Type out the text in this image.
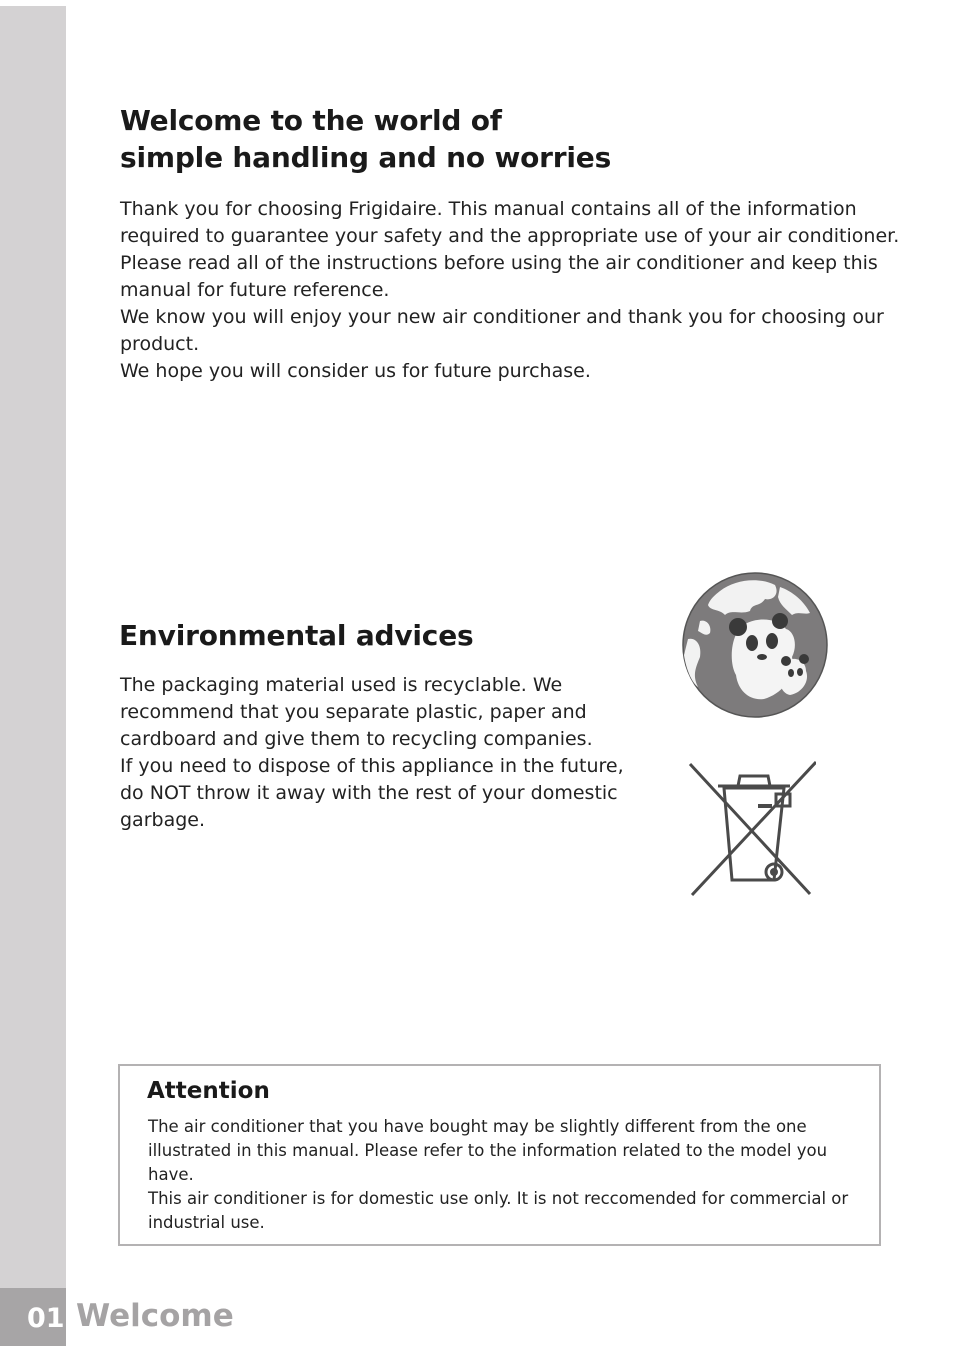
Welcome to the world of
simple handling and no worries

Thank you for choosing Frigidaire. This manual contains all of the information required to guarantee your safety and the appropriate use of your air conditioner.

Please read all of the instructions before using the air conditioner and keep this manual for future reference.

We know you will enjoy your new air conditioner and thank you for choosing our product.

We hope you will consider us for future purchase.

Environmental advices

The packaging material used is recyclable. We recommend that you separate plastic, paper and cardboard and give them to recycling companies.

If you need to dispose of this appliance in the future, do NOT throw it away with the rest of your domestic garbage.

Attention

The air conditioner that you have bought may be slightly different from the one illustrated in this manual. Please refer to the information related to the model you have.

This air conditioner is for domestic use only. It is not reccomended for commercial or industrial use.

01 Welcome
